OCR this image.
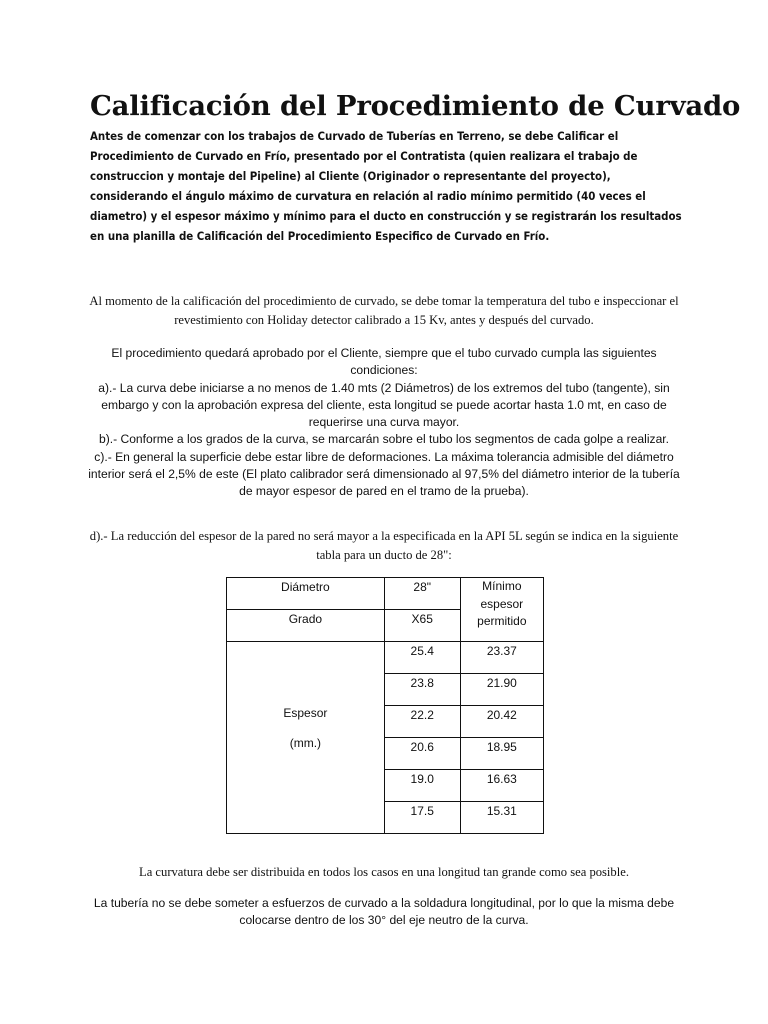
Calificación del Procedimiento de Curvado

Antes de comenzar con los trabajos de Curvado de Tuberías en Terreno, se debe Calificar el Procedimiento de Curvado en Frío, presentado por el Contratista (quien realizara el trabajo de construccion y montaje del Pipeline) al Cliente (Originador o representante del proyecto), considerando el ángulo máximo de curvatura en relación al radio mínimo permitido (40 veces el diametro) y el espesor máximo y mínimo para el ducto en construcción y se registrarán los resultados en una planilla de Calificación del Procedimiento Especifico de Curvado en Frío.

Al momento de la calificación del procedimiento de curvado, se debe tomar la temperatura del tubo e inspeccionar el revestimiento con Holiday detector calibrado a 15 Kv, antes y después del curvado.

El procedimiento quedará aprobado por el Cliente, siempre que el tubo curvado cumpla las siguientes condiciones:
a).- La curva debe iniciarse a no menos de 1.40 mts (2 Diámetros) de los extremos del tubo (tangente), sin embargo y con la aprobación expresa del cliente, esta longitud se puede acortar hasta 1.0 mt, en caso de requerirse una curva mayor.
b).- Conforme a los grados de la curva, se marcarán sobre el tubo los segmentos de cada golpe a realizar.
c).- En general la superficie debe estar libre de deformaciones. La máxima tolerancia admisible del diámetro interior será el 2,5% de este (El plato calibrador será dimensionado al 97,5% del diámetro interior de la tubería de mayor espesor de pared en el tramo de la prueba).

d).- La reducción del espesor de la pared no será mayor a la especificada en la API 5L según se indica en la siguiente tabla para un ducto de 28":

Diámetro	28"	Mínimo espesor permitido

Grado	X65	

Espesor
(mm.)	25.4	23.37

	23.8	21.90

	22.2	20.42

	20.6	18.95

	19.0	16.63

	17.5	15.31

La curvatura debe ser distribuida en todos los casos en una longitud tan grande como sea posible.

La tubería no se debe someter a esfuerzos de curvado a la soldadura longitudinal, por lo que la misma debe colocarse dentro de los 30° del eje neutro de la curva.
